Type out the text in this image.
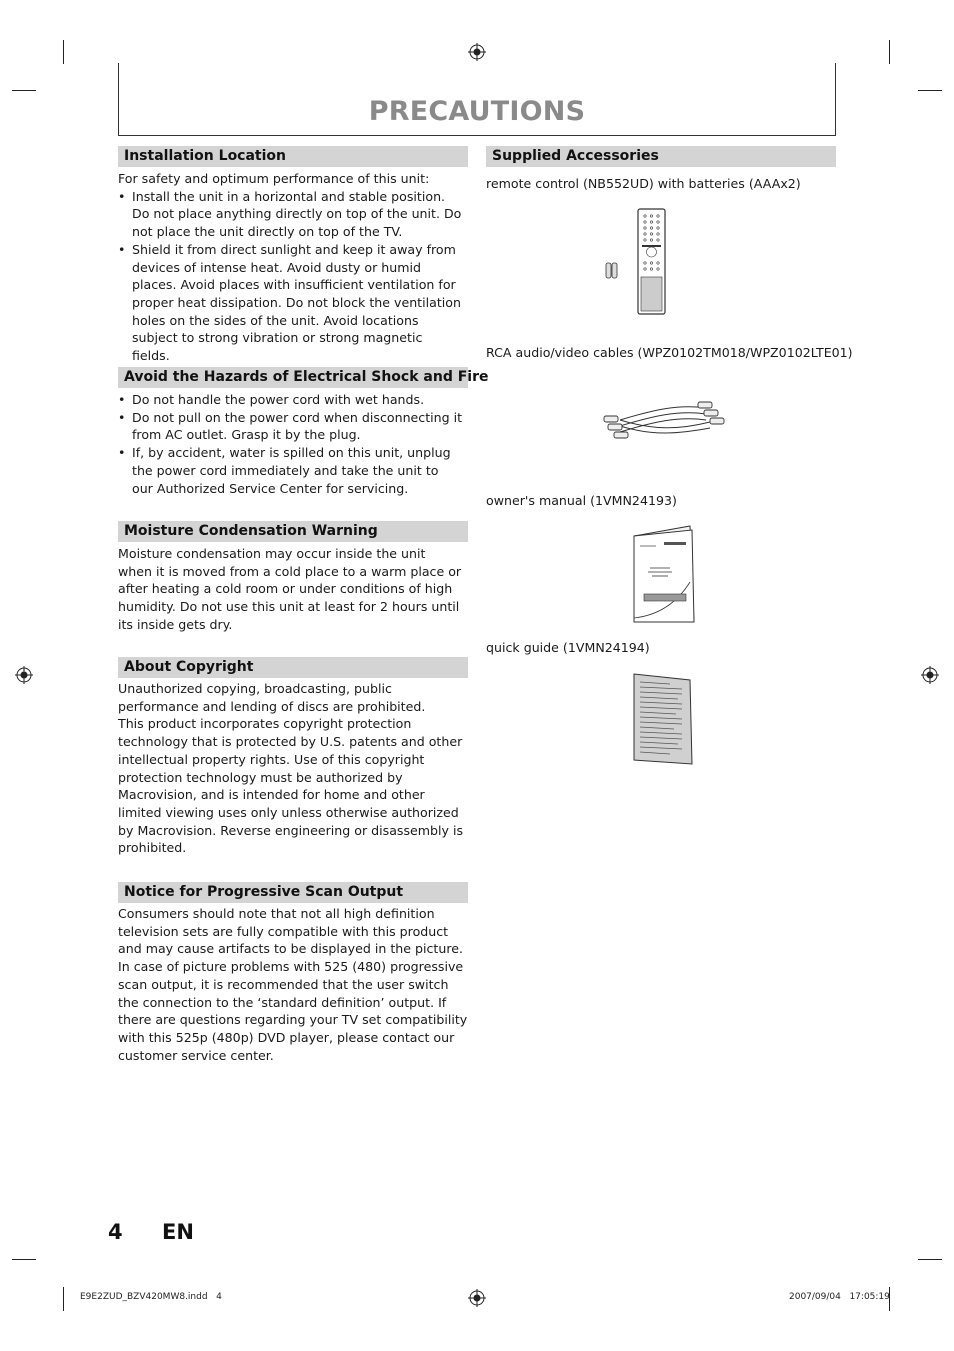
PRECAUTIONS
Installation Location

For safety and optimum performance of this unit:

• Install the unit in a horizontal and stable position. Do not place anything directly on top of the unit. Do not place the unit directly on top of the TV.
• Shield it from direct sunlight and keep it away from devices of intense heat. Avoid dusty or humid places. Avoid places with insufficient ventilation for proper heat dissipation. Do not block the ventilation holes on the sides of the unit. Avoid locations subject to strong vibration or strong magnetic fields.
Avoid the Hazards of Electrical Shock and Fire
• Do not handle the power cord with wet hands.
• Do not pull on the power cord when disconnecting it from AC outlet. Grasp it by the plug.
• If, by accident, water is spilled on this unit, unplug the power cord immediately and take the unit to our Authorized Service Center for servicing.
Moisture Condensation Warning

Moisture condensation may occur inside the unit when it is moved from a cold place to a warm place or after heating a cold room or under conditions of high humidity. Do not use this unit at least for 2 hours until its inside gets dry.

About Copyright

Unauthorized copying, broadcasting, public performance and lending of discs are prohibited.

This product incorporates copyright protection technology that is protected by U.S. patents and other intellectual property rights. Use of this copyright protection technology must be authorized by Macrovision, and is intended for home and other limited viewing uses only unless otherwise authorized by Macrovision. Reverse engineering or disassembly is prohibited.

Notice for Progressive Scan Output

Consumers should note that not all high definition television sets are fully compatible with this product and may cause artifacts to be displayed in the picture.

In case of picture problems with 525 (480) progressive scan output, it is recommended that the user switch the connection to the ‘standard definition’ output. If there are questions regarding your TV set compatibility with this 525p (480p) DVD player, please contact our customer service center.

Supplied Accessories
remote control (NB552UD) with batteries (AAAx2)
RCA audio/video cables (WPZ0102TM018/WPZ0102LTE01)
owner's manual (1VMN24193)
quick guide (1VMN24194)
4 EN
E9E2ZUD_BZV420MW8.indd   4	2007/09/04   17:05:19
